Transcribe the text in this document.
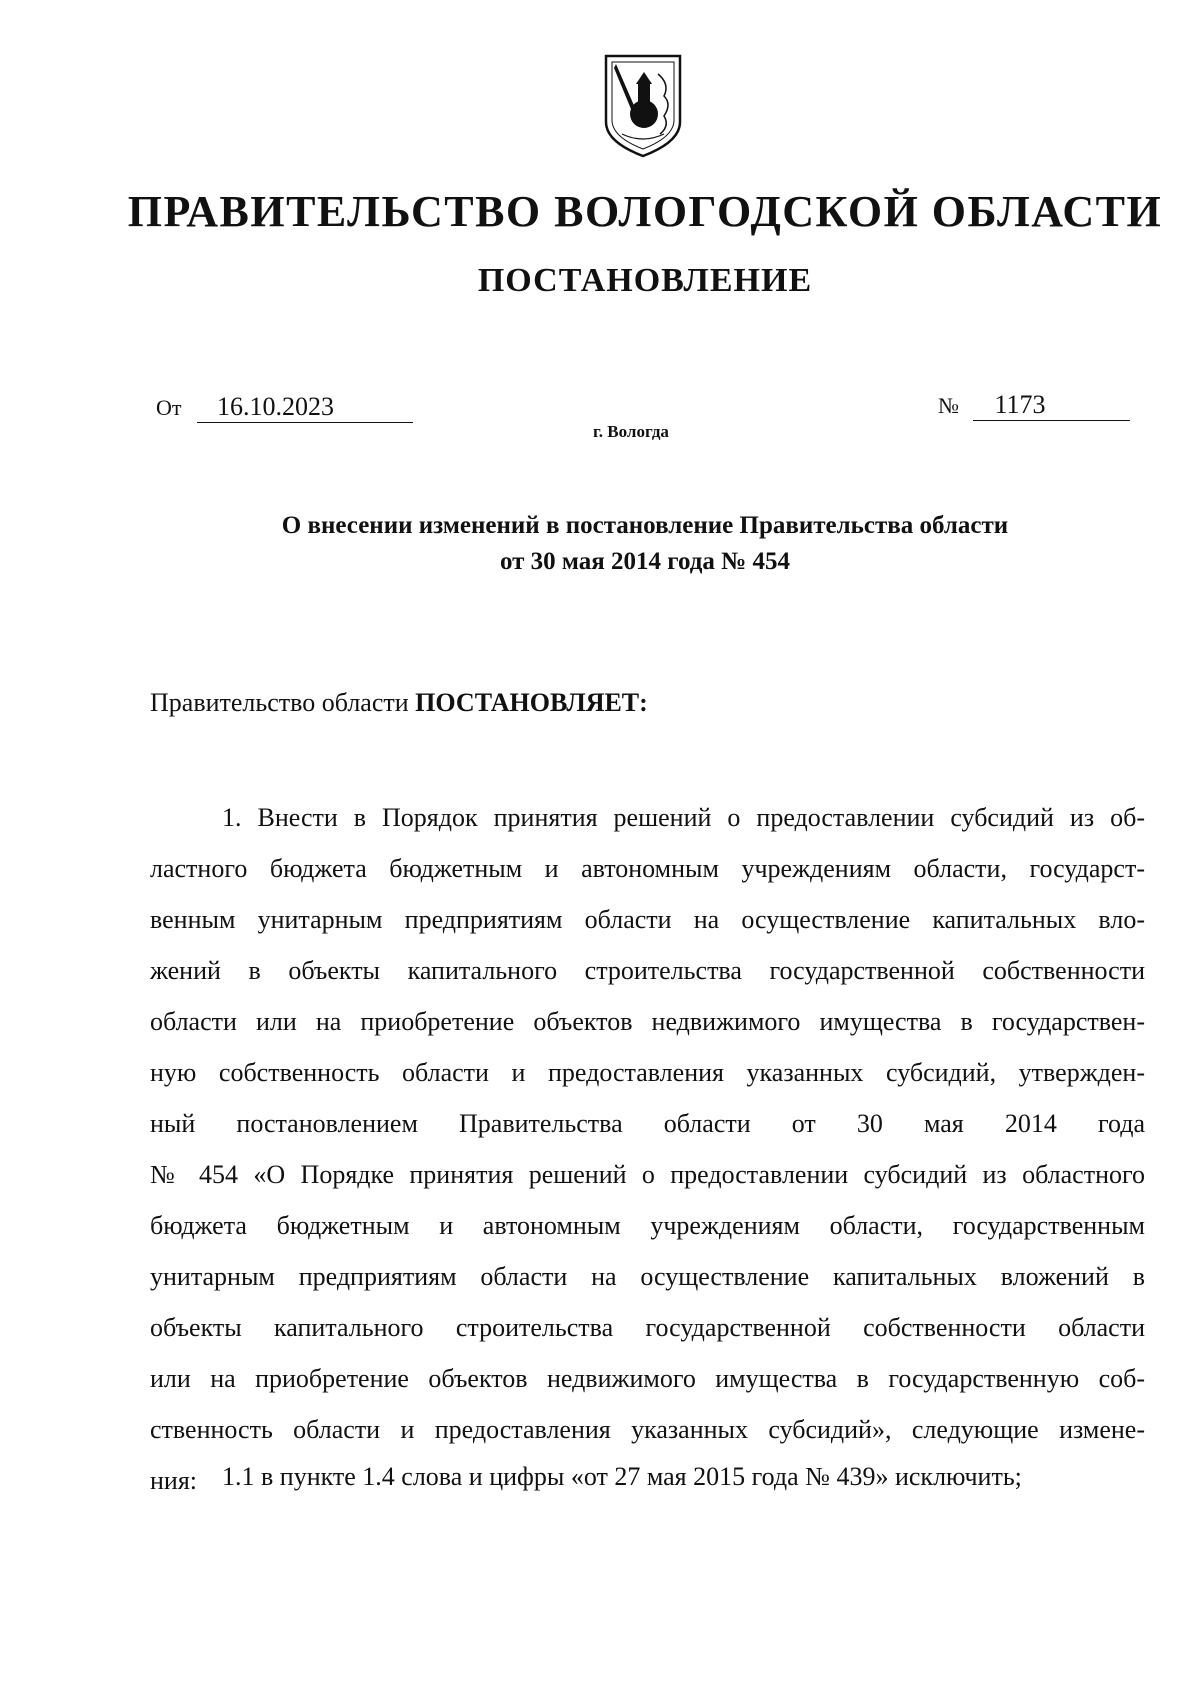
ПРАВИТЕЛЬСТВО ВОЛОГОДСКОЙ ОБЛАСТИ
ПОСТАНОВЛЕНИЕ
От 16.10.2023	№ 1173
г. Вологда
О внесении изменений в постановление Правительства области
от 30 мая 2014 года № 454
Правительство области ПОСТАНОВЛЯЕТ:
1. Внести в Порядок принятия решений о предоставлении субсидий из об-
ластного бюджета бюджетным и автономным учреждениям области, государст-
венным унитарным предприятиям области на осуществление капитальных вло-
жений в объекты капитального строительства государственной собственности
области или на приобретение объектов недвижимого имущества в государствен-
ную собственность области и предоставления указанных субсидий, утвержден-
ный постановлением Правительства области от 30 мая 2014 года
№ 454 «О Порядке принятия решений о предоставлении субсидий из областного
бюджета бюджетным и автономным учреждениям области, государственным
унитарным предприятиям области на осуществление капитальных вложений в
объекты капитального строительства государственной собственности области
или на приобретение объектов недвижимого имущества в государственную соб-
ственность области и предоставления указанных субсидий», следующие измене-
ния: 1.1 в пункте 1.4 слова и цифры «от 27 мая 2015 года № 439» исключить;
